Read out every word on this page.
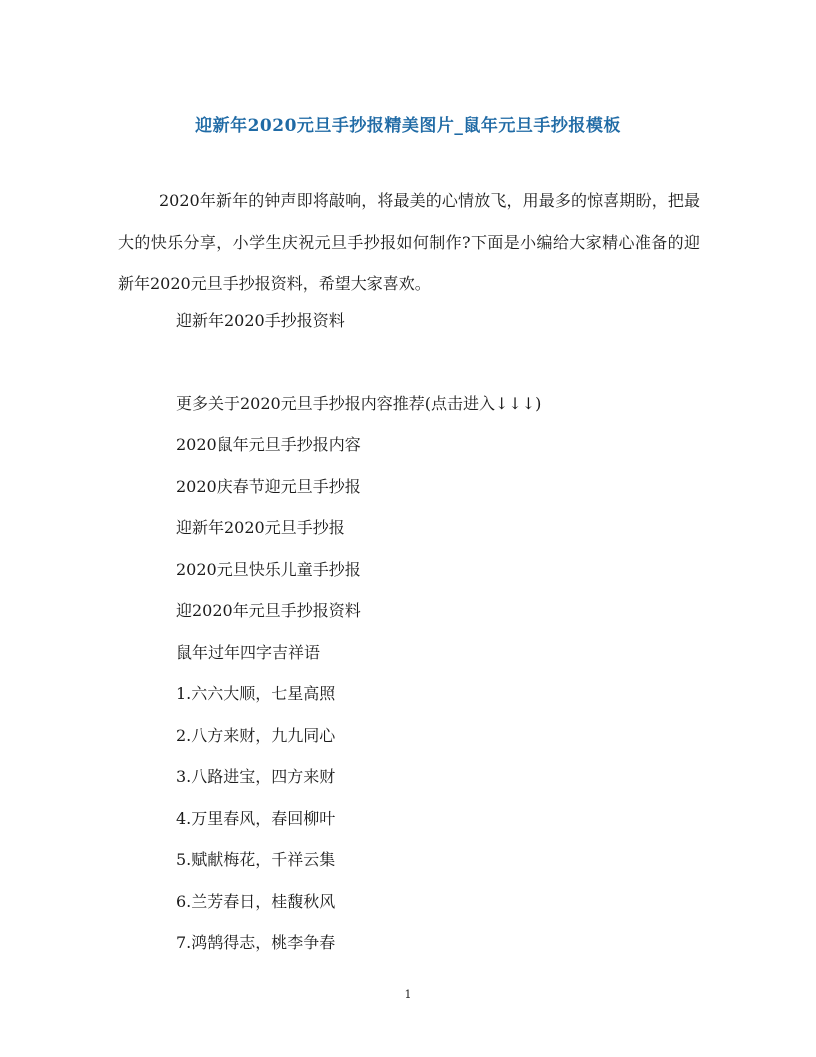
迎新年2020元旦手抄报精美图片_鼠年元旦手抄报模板

2020年新年的钟声即将敲响，将最美的心情放飞，用最多的惊喜期盼，把最大的快乐分享，小学生庆祝元旦手抄报如何制作?下面是小编给大家精心准备的迎新年2020元旦手抄报资料，希望大家喜欢。

迎新年2020手抄报资料
更多关于2020元旦手抄报内容推荐(点击进入↓↓↓)
2020鼠年元旦手抄报内容
2020庆春节迎元旦手抄报
迎新年2020元旦手抄报
2020元旦快乐儿童手抄报
迎2020年元旦手抄报资料
鼠年过年四字吉祥语
1.六六大顺，七星高照
2.八方来财，九九同心
3.八路进宝，四方来财
4.万里春风，春回柳叶
5.赋献梅花，千祥云集
6.兰芳春日，桂馥秋风
7.鸿鹄得志，桃李争春
1
